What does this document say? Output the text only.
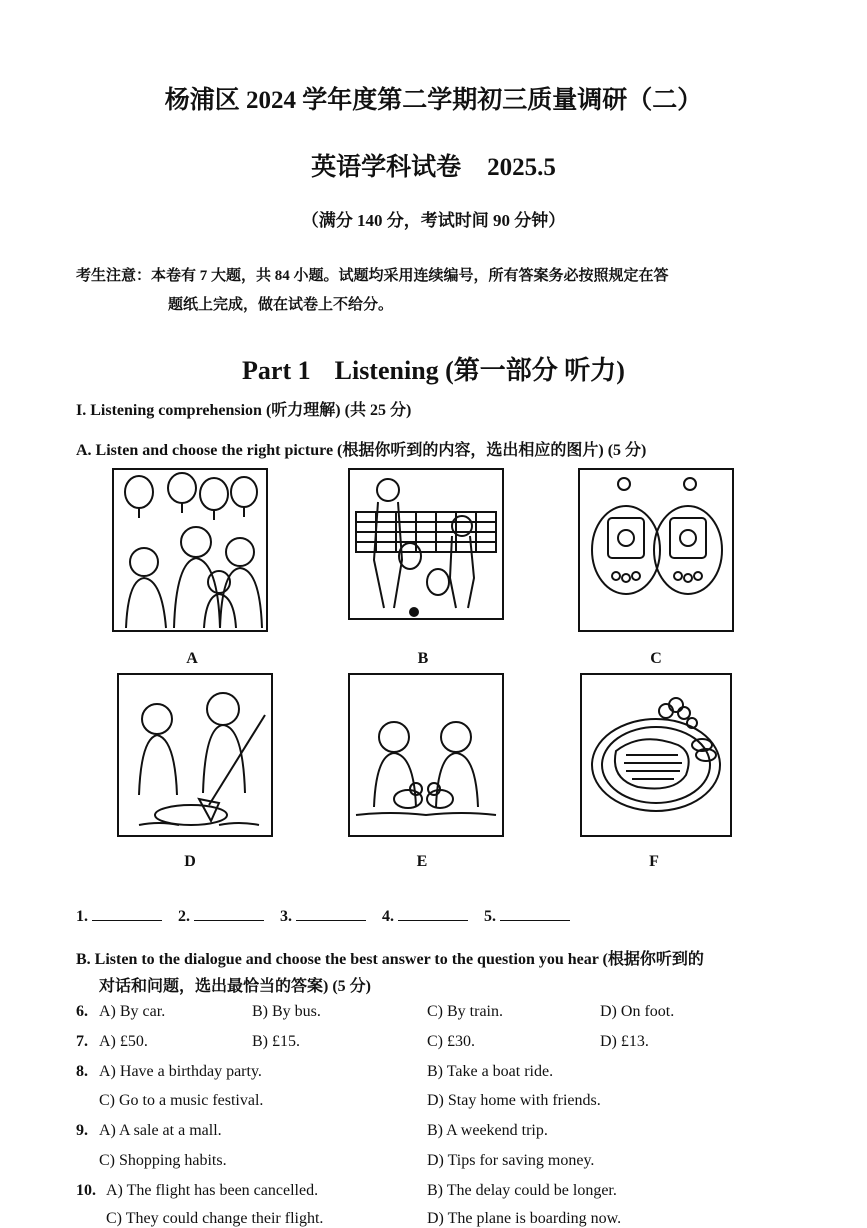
杨浦区 2024 学年度第二学期初三质量调研（二）
英语学科试卷 2025.5
（满分 140 分，考试时间 90 分钟）
考生注意：本卷有 7 大题，共 84 小题。试题均采用连续编号，所有答案务必按照规定在答
题纸上完成，做在试卷上不给分。
Part 1 Listening (第一部分 听力)
I. Listening comprehension (听力理解) (共 25 分)
A. Listen and choose the right picture (根据你听到的内容，选出相应的图片) (5 分)
A	B	C
D	E	F
1.	2.	3.	4.	5.
B. Listen to the dialogue and choose the best answer to the question you hear (根据你听到的
对话和问题，选出最恰当的答案) (5 分)
6. A) By car.	B) By bus.	C) By train.	D) On foot.
7. A) £50.	B) £15.	C) £30.	D) £13.
8. A) Have a birthday party.	B) Take a boat ride.
C) Go to a music festival.	D) Stay home with friends.
9. A) A sale at a mall.	B) A weekend trip.
C) Shopping habits.	D) Tips for saving money.
10. A) The flight has been cancelled.	B) The delay could be longer.
C) They could change their flight.	D) The plane is boarding now.
